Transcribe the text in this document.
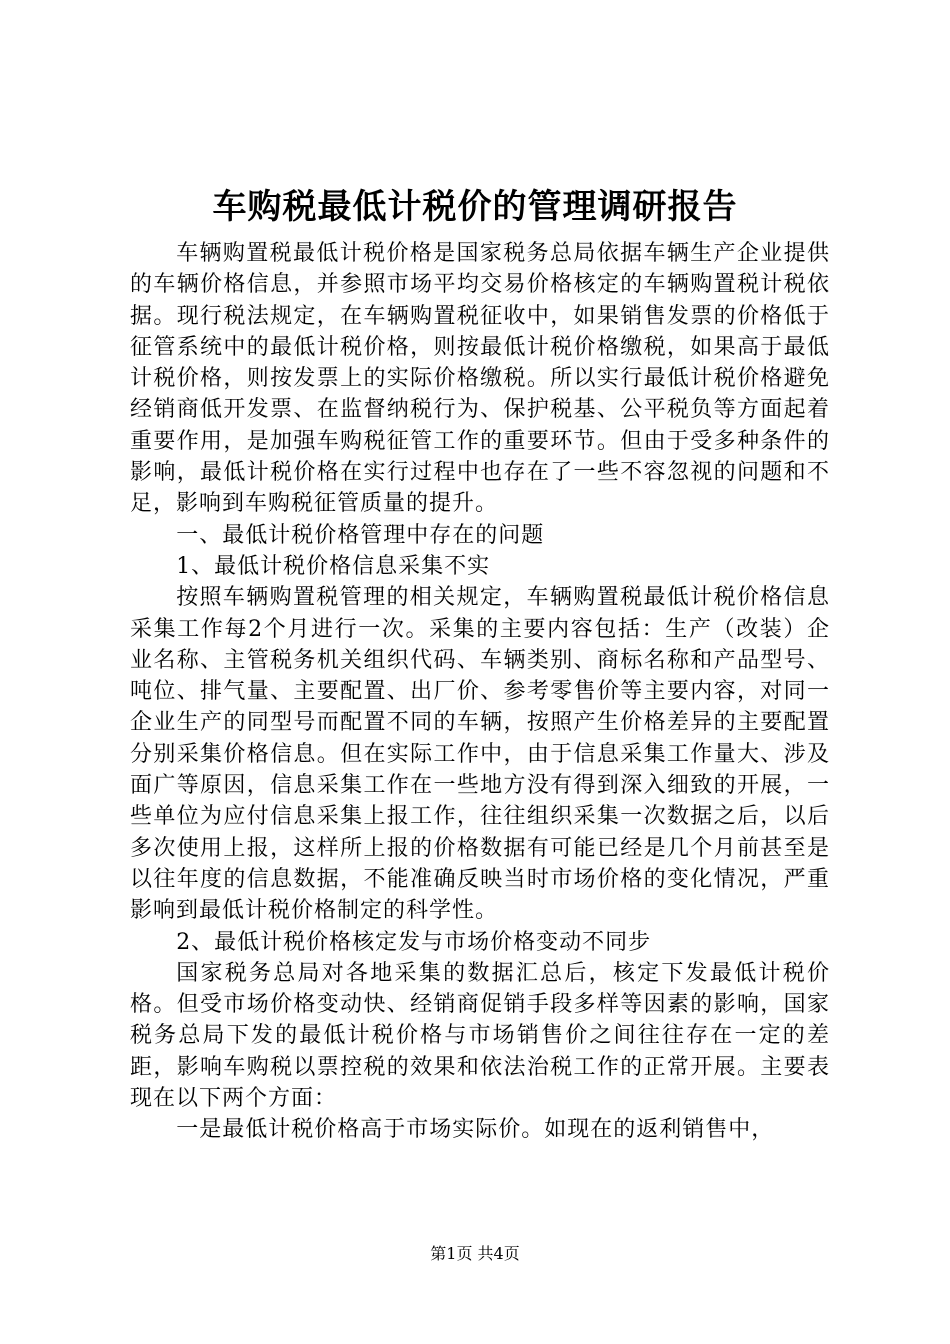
车购税最低计税价的管理调研报告

车辆购置税最低计税价格是国家税务总局依据车辆生产企业提供的车辆价格信息，并参照市场平均交易价格核定的车辆购置税计税依据。现行税法规定，在车辆购置税征收中，如果销售发票的价格低于征管系统中的最低计税价格，则按最低计税价格缴税，如果高于最低计税价格，则按发票上的实际价格缴税。所以实行最低计税价格避免经销商低开发票、在监督纳税行为、保护税基、公平税负等方面起着重要作用，是加强车购税征管工作的重要环节。但由于受多种条件的影响，最低计税价格在实行过程中也存在了一些不容忽视的问题和不足，影响到车购税征管质量的提升。

一、最低计税价格管理中存在的问题

1、最低计税价格信息采集不实

按照车辆购置税管理的相关规定，车辆购置税最低计税价格信息采集工作每2个月进行一次。采集的主要内容包括：生产（改装）企业名称、主管税务机关组织代码、车辆类别、商标名称和产品型号、吨位、排气量、主要配置、出厂价、参考零售价等主要内容，对同一企业生产的同型号而配置不同的车辆，按照产生价格差异的主要配置分别采集价格信息。但在实际工作中，由于信息采集工作量大、涉及面广等原因，信息采集工作在一些地方没有得到深入细致的开展，一些单位为应付信息采集上报工作，往往组织采集一次数据之后，以后多次使用上报，这样所上报的价格数据有可能已经是几个月前甚至是以往年度的信息数据，不能准确反映当时市场价格的变化情况，严重影响到最低计税价格制定的科学性。

2、最低计税价格核定发与市场价格变动不同步

国家税务总局对各地采集的数据汇总后，核定下发最低计税价格。但受市场价格变动快、经销商促销手段多样等因素的影响，国家税务总局下发的最低计税价格与市场销售价之间往往存在一定的差距，影响车购税以票控税的效果和依法治税工作的正常开展。主要表现在以下两个方面：

一是最低计税价格高于市场实际价。如现在的返利销售中，

第1页 共4页
